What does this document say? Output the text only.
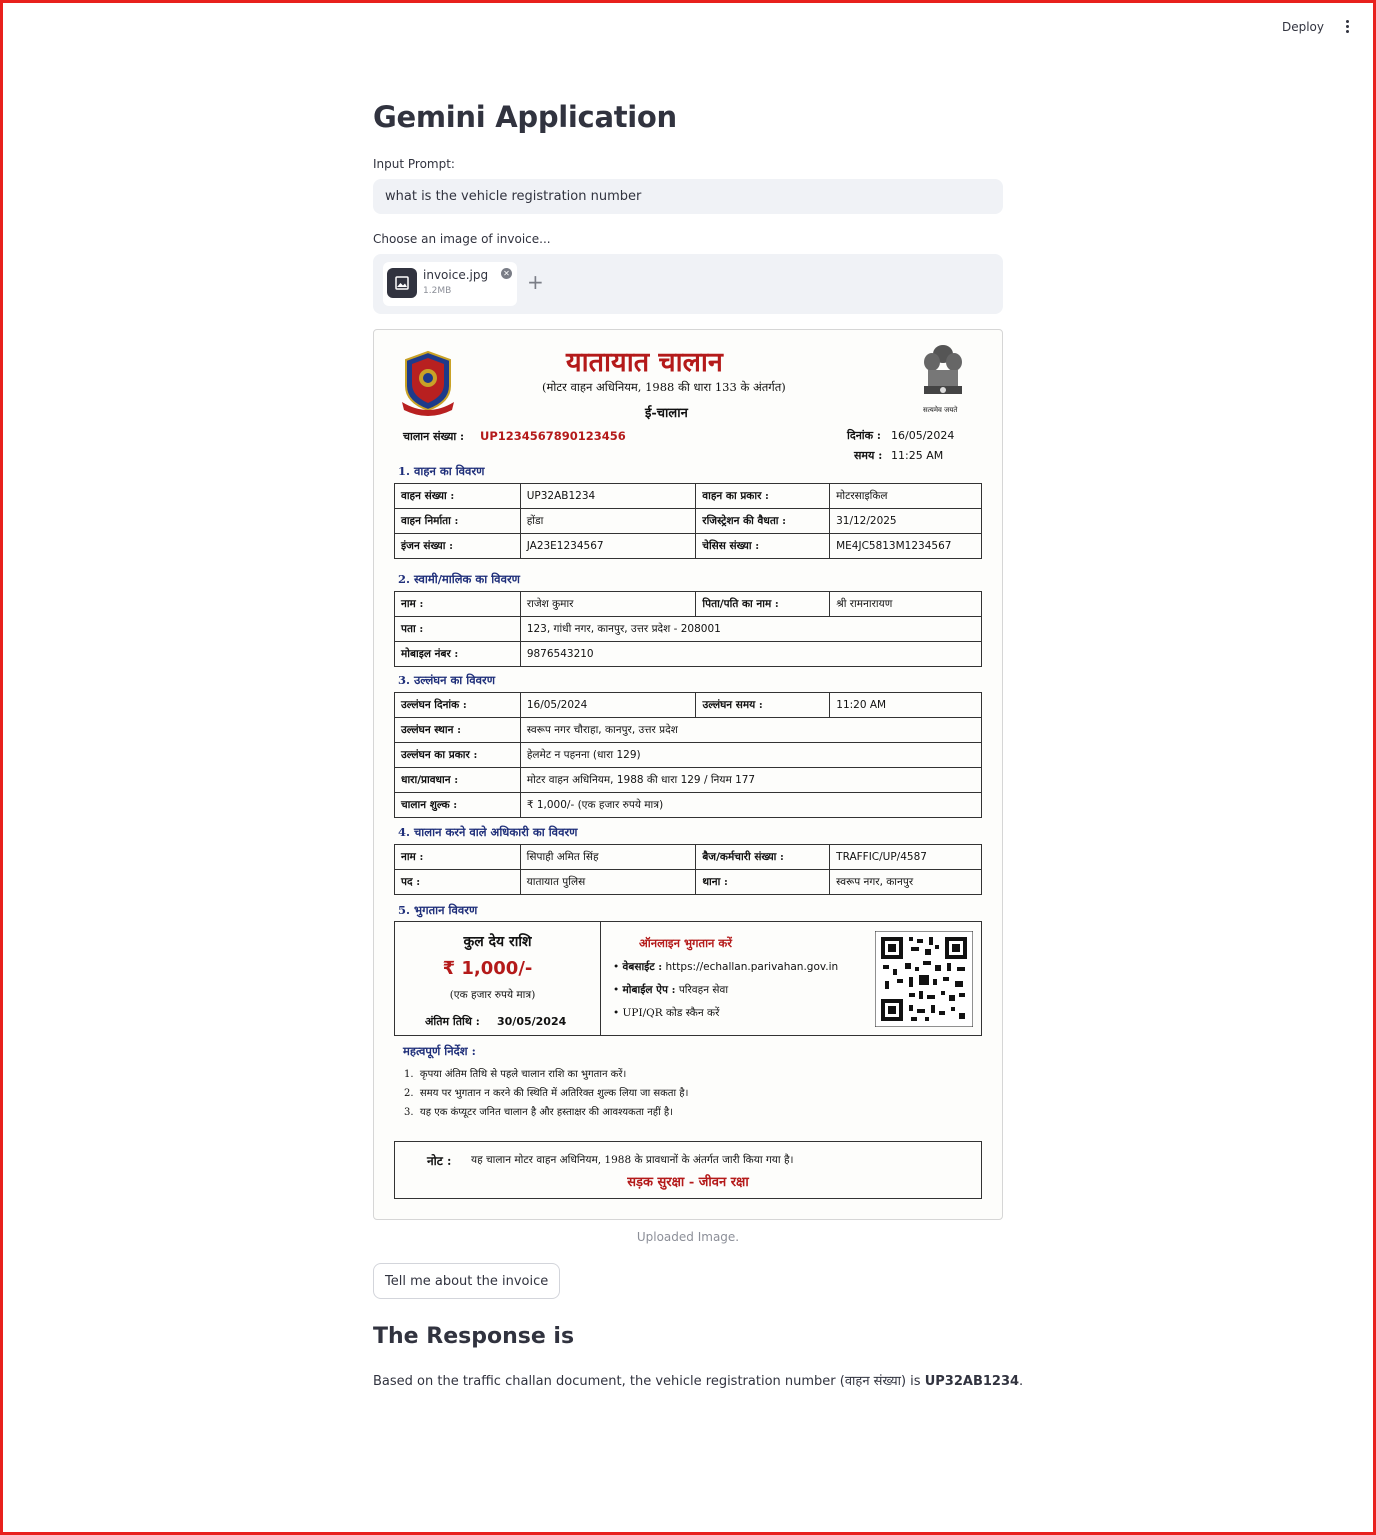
Deploy
Gemini Application
Input Prompt:
what is the vehicle registration number
Choose an image of invoice...
invoice.jpg
1.2MB
✕ +
सत्यमेव जयते
यातायात चालान
(मोटर वाहन अधिनियम, 1988 की धारा 133 के अंतर्गत)
ई-चालान
चालान संख्या : UP1234567890123456	दिनांक : 16/05/2024
समय : 11:25 AM
1. वाहन का विवरण
वाहन संख्या :	UP32AB1234	वाहन का प्रकार :	मोटरसाइकिल
वाहन निर्माता :	होंडा	रजिस्ट्रेशन की वैधता :	31/12/2025
इंजन संख्या :	JA23E1234567	चेसिस संख्या :	ME4JC5813M1234567
2. स्वामी/मालिक का विवरण
नाम :	राजेश कुमार	पिता/पति का नाम :	श्री रामनारायण
पता :	123, गांधी नगर, कानपुर, उत्तर प्रदेश - 208001		
मोबाइल नंबर :	9876543210		
3. उल्लंघन का विवरण
उल्लंघन दिनांक :	16/05/2024	उल्लंघन समय :	11:20 AM
उल्लंघन स्थान :	स्वरूप नगर चौराहा, कानपुर, उत्तर प्रदेश		
उल्लंघन का प्रकार :	हेलमेट न पहनना (धारा 129)		
धारा/प्रावधान :	मोटर वाहन अधिनियम, 1988 की धारा 129 / नियम 177		
चालान शुल्क :	₹ 1,000/- (एक हजार रुपये मात्र)		
4. चालान करने वाले अधिकारी का विवरण
नाम :	सिपाही अमित सिंह	बैज/कर्मचारी संख्या :	TRAFFIC/UP/4587
पद :	यातायात पुलिस	थाना :	स्वरूप नगर, कानपुर
5. भुगतान विवरण
कुल देय राशि
₹ 1,000/-
(एक हजार रुपये मात्र)
अंतिम तिथि : 30/05/2024
ऑनलाइन भुगतान करें
• वेबसाईट : https://echallan.parivahan.gov.in
• मोबाईल ऐप : परिवहन सेवा
• UPI/QR कोड स्कैन करें
महत्वपूर्ण निर्देश :
1.  कृपया अंतिम तिथि से पहले चालान राशि का भुगतान करें।
2.  समय पर भुगतान न करने की स्थिति में अतिरिक्त शुल्क लिया जा सकता है।
3.  यह एक कंप्यूटर जनित चालान है और हस्ताक्षर की आवश्यकता नहीं है।
नोट : यह चालान मोटर वाहन अधिनियम, 1988 के प्रावधानों के अंतर्गत जारी किया गया है।
सड़क सुरक्षा - जीवन रक्षा
Uploaded Image.
Tell me about the invoice
The Response is
Based on the traffic challan document, the vehicle registration number (वाहन संख्या) is UP32AB1234.
